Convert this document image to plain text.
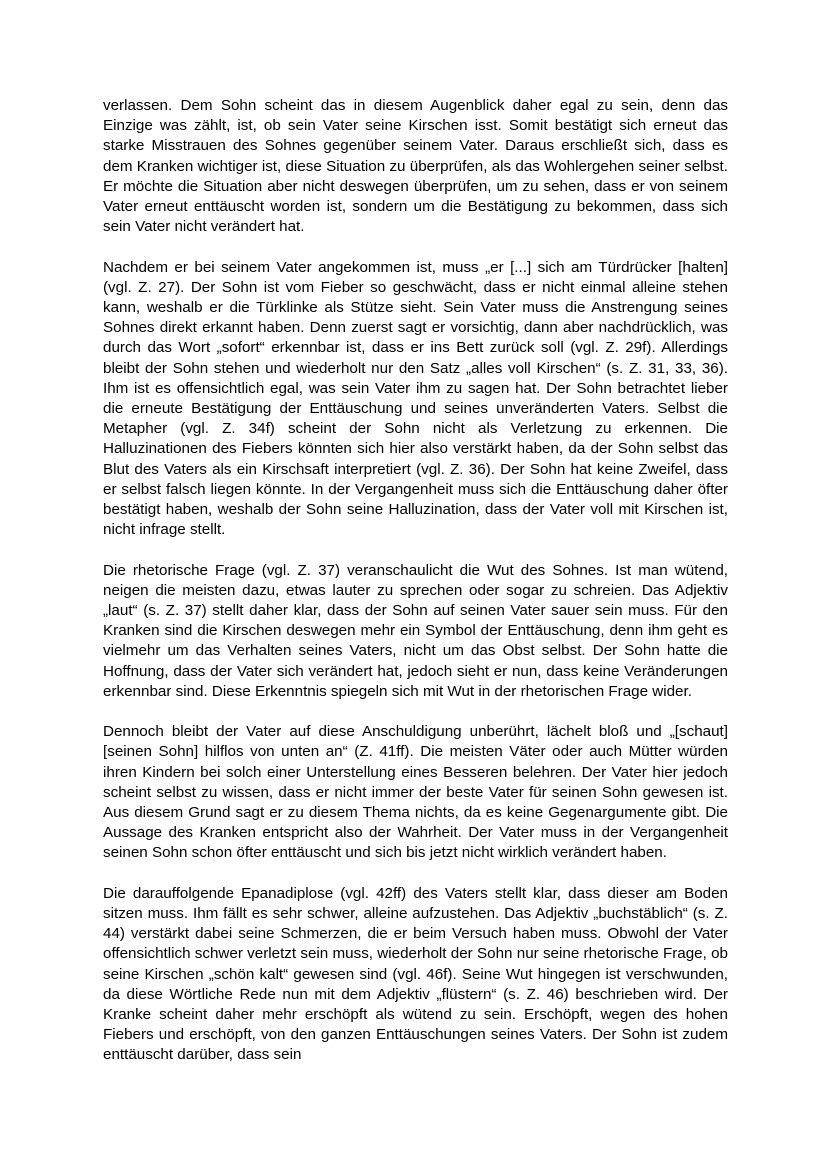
verlassen. Dem Sohn scheint das in diesem Augenblick daher egal zu sein, denn das Einzige was zählt, ist, ob sein Vater seine Kirschen isst. Somit bestätigt sich erneut das starke Misstrauen des Sohnes gegenüber seinem Vater. Daraus erschließt sich, dass es dem Kranken wichtiger ist, diese Situation zu überprüfen, als das Wohlergehen seiner selbst. Er möchte die Situation aber nicht deswegen überprüfen, um zu sehen, dass er von seinem Vater erneut enttäuscht worden ist, sondern um die Bestätigung zu bekommen, dass sich sein Vater nicht verändert hat.

Nachdem er bei seinem Vater angekommen ist, muss „er [...] sich am Türdrücker [halten] (vgl. Z. 27). Der Sohn ist vom Fieber so geschwächt, dass er nicht einmal alleine stehen kann, weshalb er die Türklinke als Stütze sieht. Sein Vater muss die Anstrengung seines Sohnes direkt erkannt haben. Denn zuerst sagt er vorsichtig, dann aber nachdrücklich, was durch das Wort „sofort“ erkennbar ist, dass er ins Bett zurück soll (vgl. Z. 29f). Allerdings bleibt der Sohn stehen und wiederholt nur den Satz „alles voll Kirschen“ (s. Z. 31, 33, 36). Ihm ist es offensichtlich egal, was sein Vater ihm zu sagen hat. Der Sohn betrachtet lieber die erneute Bestätigung der Enttäuschung und seines unveränderten Vaters. Selbst die Metapher (vgl. Z. 34f) scheint der Sohn nicht als Verletzung zu erkennen. Die Halluzinationen des Fiebers könnten sich hier also verstärkt haben, da der Sohn selbst das Blut des Vaters als ein Kirschsaft interpretiert (vgl. Z. 36). Der Sohn hat keine Zweifel, dass er selbst falsch liegen könnte. In der Vergangenheit muss sich die Enttäuschung daher öfter bestätigt haben, weshalb der Sohn seine Halluzination, dass der Vater voll mit Kirschen ist, nicht infrage stellt.

Die rhetorische Frage (vgl. Z. 37) veranschaulicht die Wut des Sohnes. Ist man wütend, neigen die meisten dazu, etwas lauter zu sprechen oder sogar zu schreien. Das Adjektiv „laut“ (s. Z. 37) stellt daher klar, dass der Sohn auf seinen Vater sauer sein muss. Für den Kranken sind die Kirschen deswegen mehr ein Symbol der Enttäuschung, denn ihm geht es vielmehr um das Verhalten seines Vaters, nicht um das Obst selbst. Der Sohn hatte die Hoffnung, dass der Vater sich verändert hat, jedoch sieht er nun, dass keine Veränderungen erkennbar sind. Diese Erkenntnis spiegeln sich mit Wut in der rhetorischen Frage wider.

Dennoch bleibt der Vater auf diese Anschuldigung unberührt, lächelt bloß und „[schaut] [seinen Sohn] hilflos von unten an“ (Z. 41ff). Die meisten Väter oder auch Mütter würden ihren Kindern bei solch einer Unterstellung eines Besseren belehren. Der Vater hier jedoch scheint selbst zu wissen, dass er nicht immer der beste Vater für seinen Sohn gewesen ist. Aus diesem Grund sagt er zu diesem Thema nichts, da es keine Gegenargumente gibt. Die Aussage des Kranken entspricht also der Wahrheit. Der Vater muss in der Vergangenheit seinen Sohn schon öfter enttäuscht und sich bis jetzt nicht wirklich verändert haben.

Die darauffolgende Epanadiplose (vgl. 42ff) des Vaters stellt klar, dass dieser am Boden sitzen muss. Ihm fällt es sehr schwer, alleine aufzustehen. Das Adjektiv „buchstäblich“ (s. Z. 44) verstärkt dabei seine Schmerzen, die er beim Versuch haben muss. Obwohl der Vater offensichtlich schwer verletzt sein muss, wiederholt der Sohn nur seine rhetorische Frage, ob seine Kirschen „schön kalt“ gewesen sind (vgl. 46f). Seine Wut hingegen ist verschwunden, da diese Wörtliche Rede nun mit dem Adjektiv „flüstern“ (s. Z. 46) beschrieben wird. Der Kranke scheint daher mehr erschöpft als wütend zu sein. Erschöpft, wegen des hohen Fiebers und erschöpft, von den ganzen Enttäuschungen seines Vaters. Der Sohn ist zudem enttäuscht darüber, dass sein
